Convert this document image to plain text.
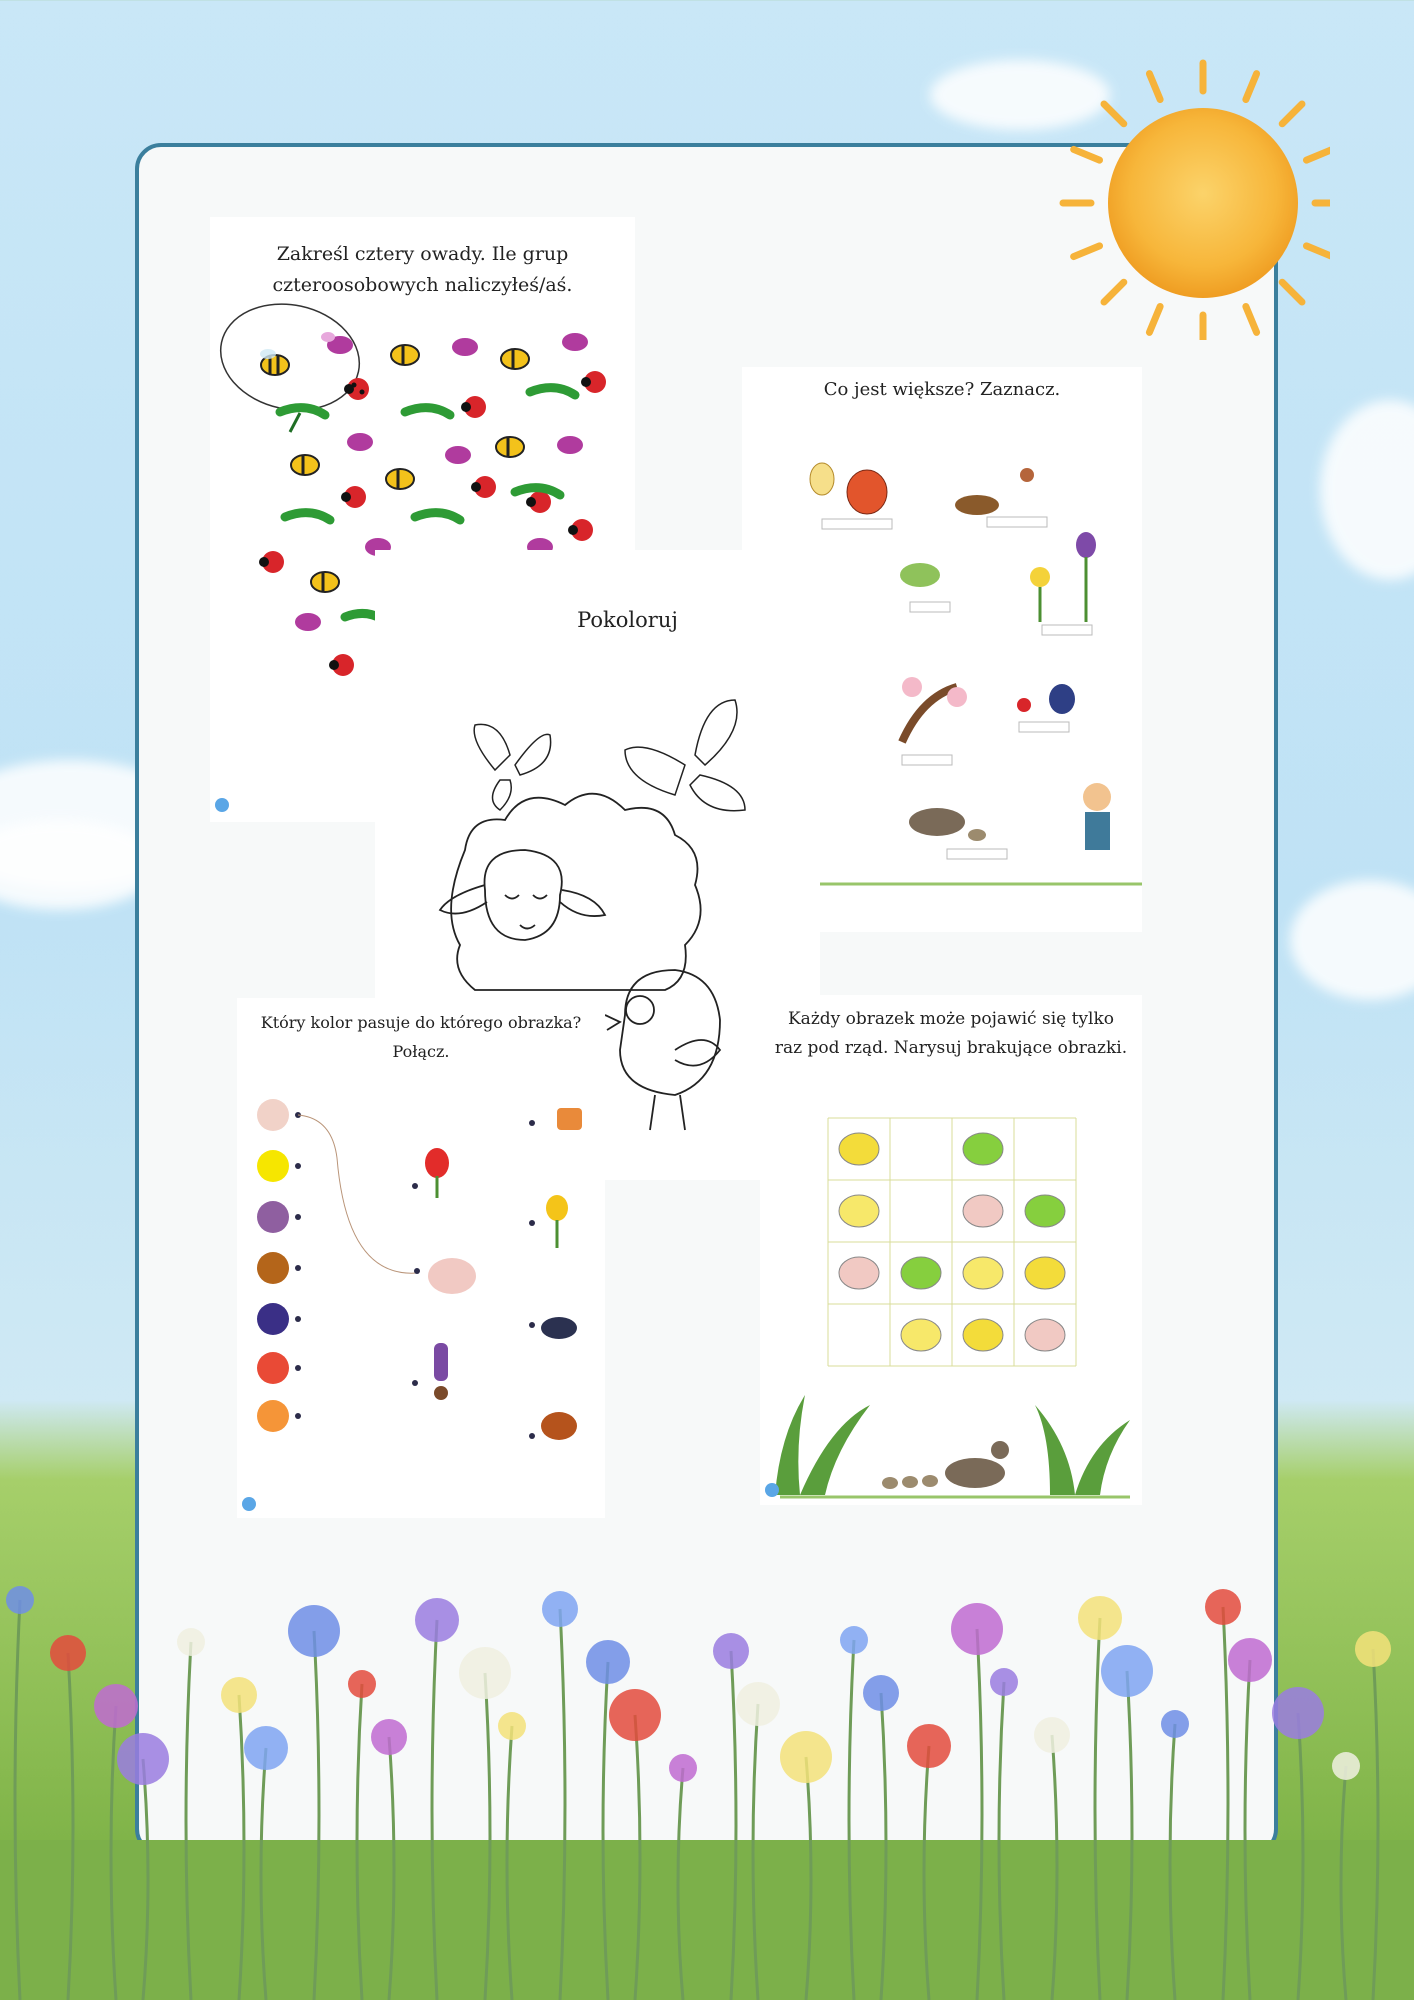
Zakreśl cztery owady. Ile grup czteroosobowych naliczyłeś/aś.
Co jest większe? Zaznacz.
Pokoloruj
Który kolor pasuje do którego obrazka? Połącz.
Każdy obrazek może pojawić się tylko raz pod rząd. Narysuj brakujące obrazki.
